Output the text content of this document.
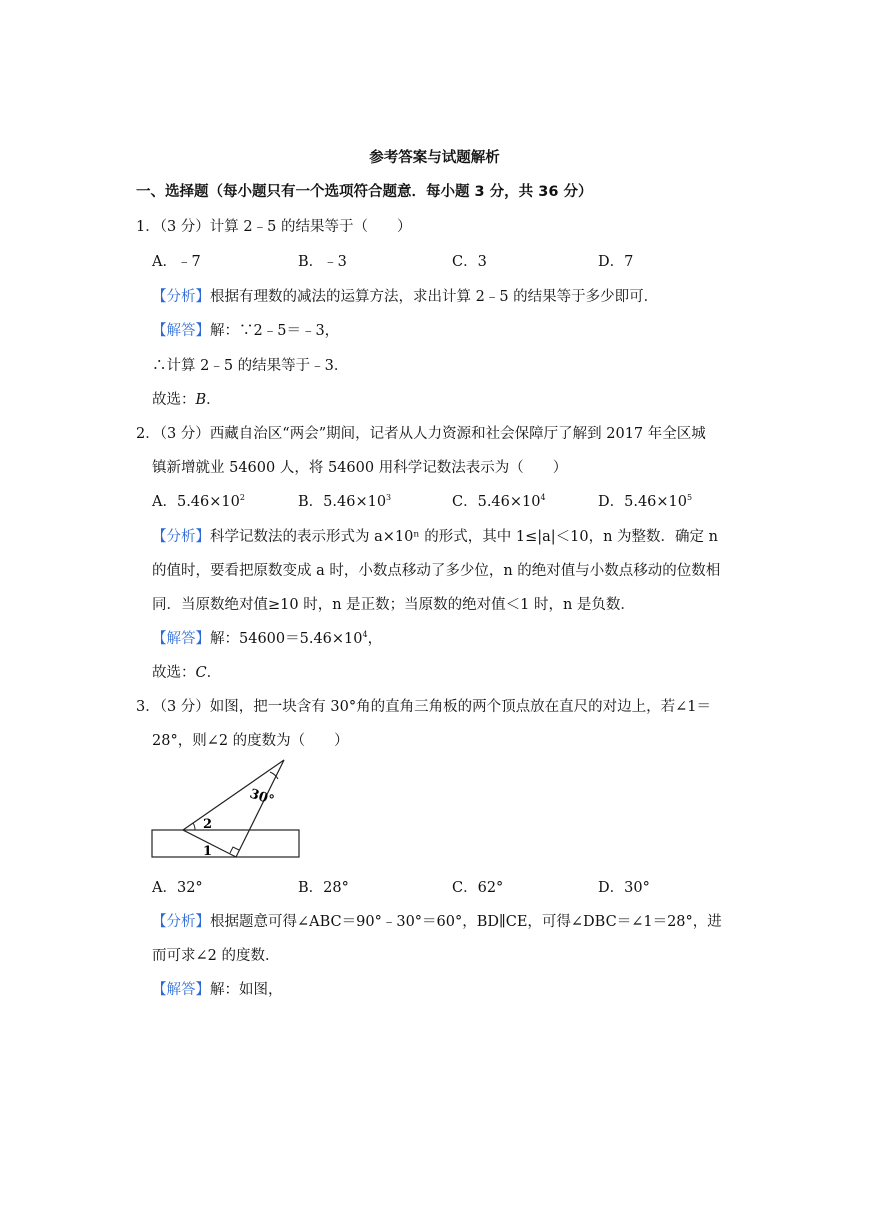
参考答案与试题解析
一、选择题（每小题只有一个选项符合题意．每小题 3 分，共 36 分）
1．（3 分）计算 2﹣5 的结果等于（　　）
A．﹣7	B．﹣3	C．3	D．7
【分析】根据有理数的减法的运算方法，求出计算 2﹣5 的结果等于多少即可．
【解答】解：∵2﹣5＝﹣3，
∴计算 2﹣5 的结果等于﹣3．
故选：B．
2．（3 分）西藏自治区“两会”期间，记者从人力资源和社会保障厅了解到 2017 年全区城
镇新增就业 54600 人，将 54600 用科学记数法表示为（　　）
A．$5.46\times 10^2$	B．$5.46\times 10^3$	C．$5.46\times 10^4$	D．$5.46\times 10^5$
【分析】科学记数法的表示形式为 a×10ⁿ 的形式，其中 1≤|a|＜10，n 为整数．确定 n
的值时，要看把原数变成 a 时，小数点移动了多少位，n 的绝对值与小数点移动的位数相
同．当原数绝对值≥10 时，n 是正数；当原数的绝对值＜1 时，n 是负数．
【解答】解：$54600=5.46\times 10^4$，
故选：C．
3．（3 分）如图，把一块含有 30°角的直角三角板的两个顶点放在直尺的对边上，若∠1＝
28°，则∠2 的度数为（　　）
30°
2
1
A．32°	B．28°	C．62°	D．30°
【分析】根据题意可得∠ABC＝90°﹣30°＝60°，BD∥CE，可得∠DBC＝∠1＝28°，进
而可求∠2 的度数．
【解答】解：如图，
